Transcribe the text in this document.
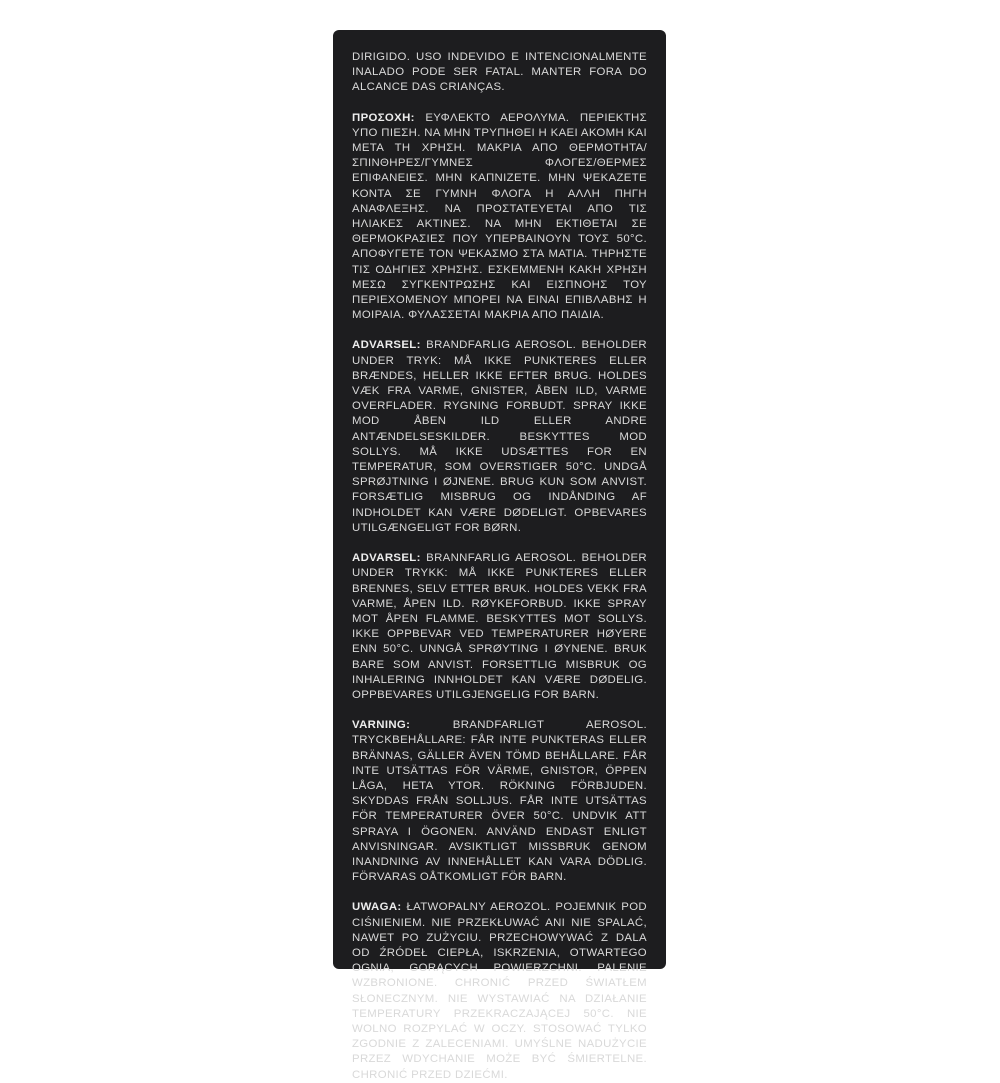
DIRIGIDO. USO INDEVIDO E INTENCIONALMENTE INALADO PODE SER FATAL. MANTER FORA DO ALCANCE DAS CRIANÇAS.

ΠΡΟΣΟΧΗ: ΕΥΦΛΕΚΤΟ ΑΕΡΟΛΥΜΑ. ΠΕΡΙΕΚΤΗΣ ΥΠΟ ΠΙΕΣΗ. ΝΑ ΜΗΝ ΤΡΥΠΗΘΕΙ Η ΚΑΕΙ ΑΚΟΜΗ ΚΑΙ ΜΕΤΑ ΤΗ ΧΡΗΣΗ. ΜΑΚΡΙΑ ΑΠΟ ΘΕΡΜΟΤΗΤΑ/ΣΠΙΝΘΗΡΕΣ/ΓΥΜΝΕΣ ΦΛΟΓΕΣ/ΘΕΡΜΕΣ ΕΠΙΦΑΝΕΙΕΣ. ΜΗΝ ΚΑΠΝΙΖΕΤΕ. ΜΗΝ ΨΕΚΑΖΕΤΕ ΚΟΝΤΑ ΣΕ ΓΥΜΝΗ ΦΛΟΓΑ Η ΑΛΛΗ ΠΗΓΗ ΑΝΑΦΛΕΞΗΣ. ΝΑ ΠΡΟΣΤΑΤΕΥΕΤΑΙ ΑΠΟ ΤΙΣ ΗΛΙΑΚΕΣ ΑΚΤΙΝΕΣ. ΝΑ ΜΗΝ ΕΚΤΙΘΕΤΑΙ ΣΕ ΘΕΡΜΟΚΡΑΣΙΕΣ ΠΟΥ ΥΠΕΡΒΑΙΝΟΥΝ ΤΟΥΣ 50°C. ΑΠΟΦΥΓΕΤΕ ΤΟΝ ΨΕΚΑΣΜΟ ΣΤΑ ΜΑΤΙΑ. ΤΗΡΗΣΤΕ ΤΙΣ ΟΔΗΓΙΕΣ ΧΡΗΣΗΣ. ΕΣΚΕΜΜΕΝΗ ΚΑΚΗ ΧΡΗΣΗ ΜΕΣΩ ΣΥΓΚΕΝΤΡΩΣΗΣ ΚΑΙ ΕΙΣΠΝΟΗΣ ΤΟΥ ΠΕΡΙΕΧΟΜΕΝΟΥ ΜΠΟΡΕΙ ΝΑ ΕΙΝΑΙ ΕΠΙΒΛΑΒΗΣ Η ΜΟΙΡΑΙΑ. ΦΥΛΑΣΣΕΤΑΙ ΜΑΚΡΙΑ ΑΠΟ ΠΑΙΔΙΑ.

ADVARSEL: BRANDFARLIG AEROSOL. BEHOLDER UNDER TRYK: MÅ IKKE PUNKTERES ELLER BRÆNDES, HELLER IKKE EFTER BRUG. HOLDES VÆK FRA VARME, GNISTER, ÅBEN ILD, VARME OVERFLADER. RYGNING FORBUDT. SPRAY IKKE MOD ÅBEN ILD ELLER ANDRE ANTÆNDELSESKILDER. BESKYTTES MOD SOLLYS. MÅ IKKE UDSÆTTES FOR EN TEMPERATUR, SOM OVERSTIGER 50°C. UNDGÅ SPRØJTNING I ØJNENE. BRUG KUN SOM ANVIST. FORSÆTLIG MISBRUG OG INDÅNDING AF INDHOLDET KAN VÆRE DØDELIGT. OPBEVARES UTILGÆNGELIGT FOR BØRN.

ADVARSEL: BRANNFARLIG AEROSOL. BEHOLDER UNDER TRYKK: MÅ IKKE PUNKTERES ELLER BRENNES, SELV ETTER BRUK. HOLDES VEKK FRA VARME, ÅPEN ILD. RØYKEFORBUD. IKKE SPRAY MOT ÅPEN FLAMME. BESKYTTES MOT SOLLYS. IKKE OPPBEVAR VED TEMPERATURER HØYERE ENN 50°C. UNNGÅ SPRØYTING I ØYNENE. BRUK BARE SOM ANVIST. FORSETTLIG MISBRUK OG INHALERING INNHOLDET KAN VÆRE DØDELIG. OPPBEVARES UTILGJENGELIG FOR BARN.

VARNING:	BRANDFARLIGT AEROSOL. TRYCKBEHÅLLARE: FÅR INTE PUNKTERAS ELLER BRÄNNAS, GÄLLER ÄVEN TÖMD BEHÅLLARE. FÅR INTE UTSÄTTAS FÖR VÄRME, GNISTOR, ÖPPEN LÅGA, HETA YTOR. RÖKNING FÖRBJUDEN. SKYDDAS FRÅN SOLLJUS. FÅR INTE UTSÄTTAS FÖR TEMPERATURER ÖVER 50°C. UNDVIK ATT SPRAYA I ÖGONEN. ANVÄND ENDAST ENLIGT ANVISNINGAR. AVSIKTLIGT MISSBRUK GENOM INANDNING AV INNEHÅLLET KAN VARA DÖDLIG. FÖRVARAS OÅTKOMLIGT FÖR BARN.

UWAGA: ŁATWOPALNY AEROZOL. POJEMNIK POD CIŚNIENIEM. NIE PRZEKŁUWAĆ ANI NIE SPALAĆ, NAWET PO ZUŻYCIU. PRZECHOWYWAĆ Z DALA OD ŹRÓDEŁ CIEPŁA, ISKRZENIA, OTWARTEGO OGNIA, GORĄCYCH POWIERZCHNI. PALENIE WZBRONIONE. CHRONIĆ PRZED ŚWIATŁEM SŁONECZNYM. NIE WYSTAWIAĆ NA DZIAŁANIE TEMPERATURY PRZEKRACZAJĄCEJ 50°C. NIE WOLNO ROZPYLAĆ W OCZY. STOSOWAĆ TYLKO ZGODNIE Z ZALECENIAMI. UMYŚLNE NADUŻYCIE PRZEZ WDYCHANIE MOŻE BYĆ ŚMIERTELNE. CHRONIĆ PRZED DZIEĆMI.
